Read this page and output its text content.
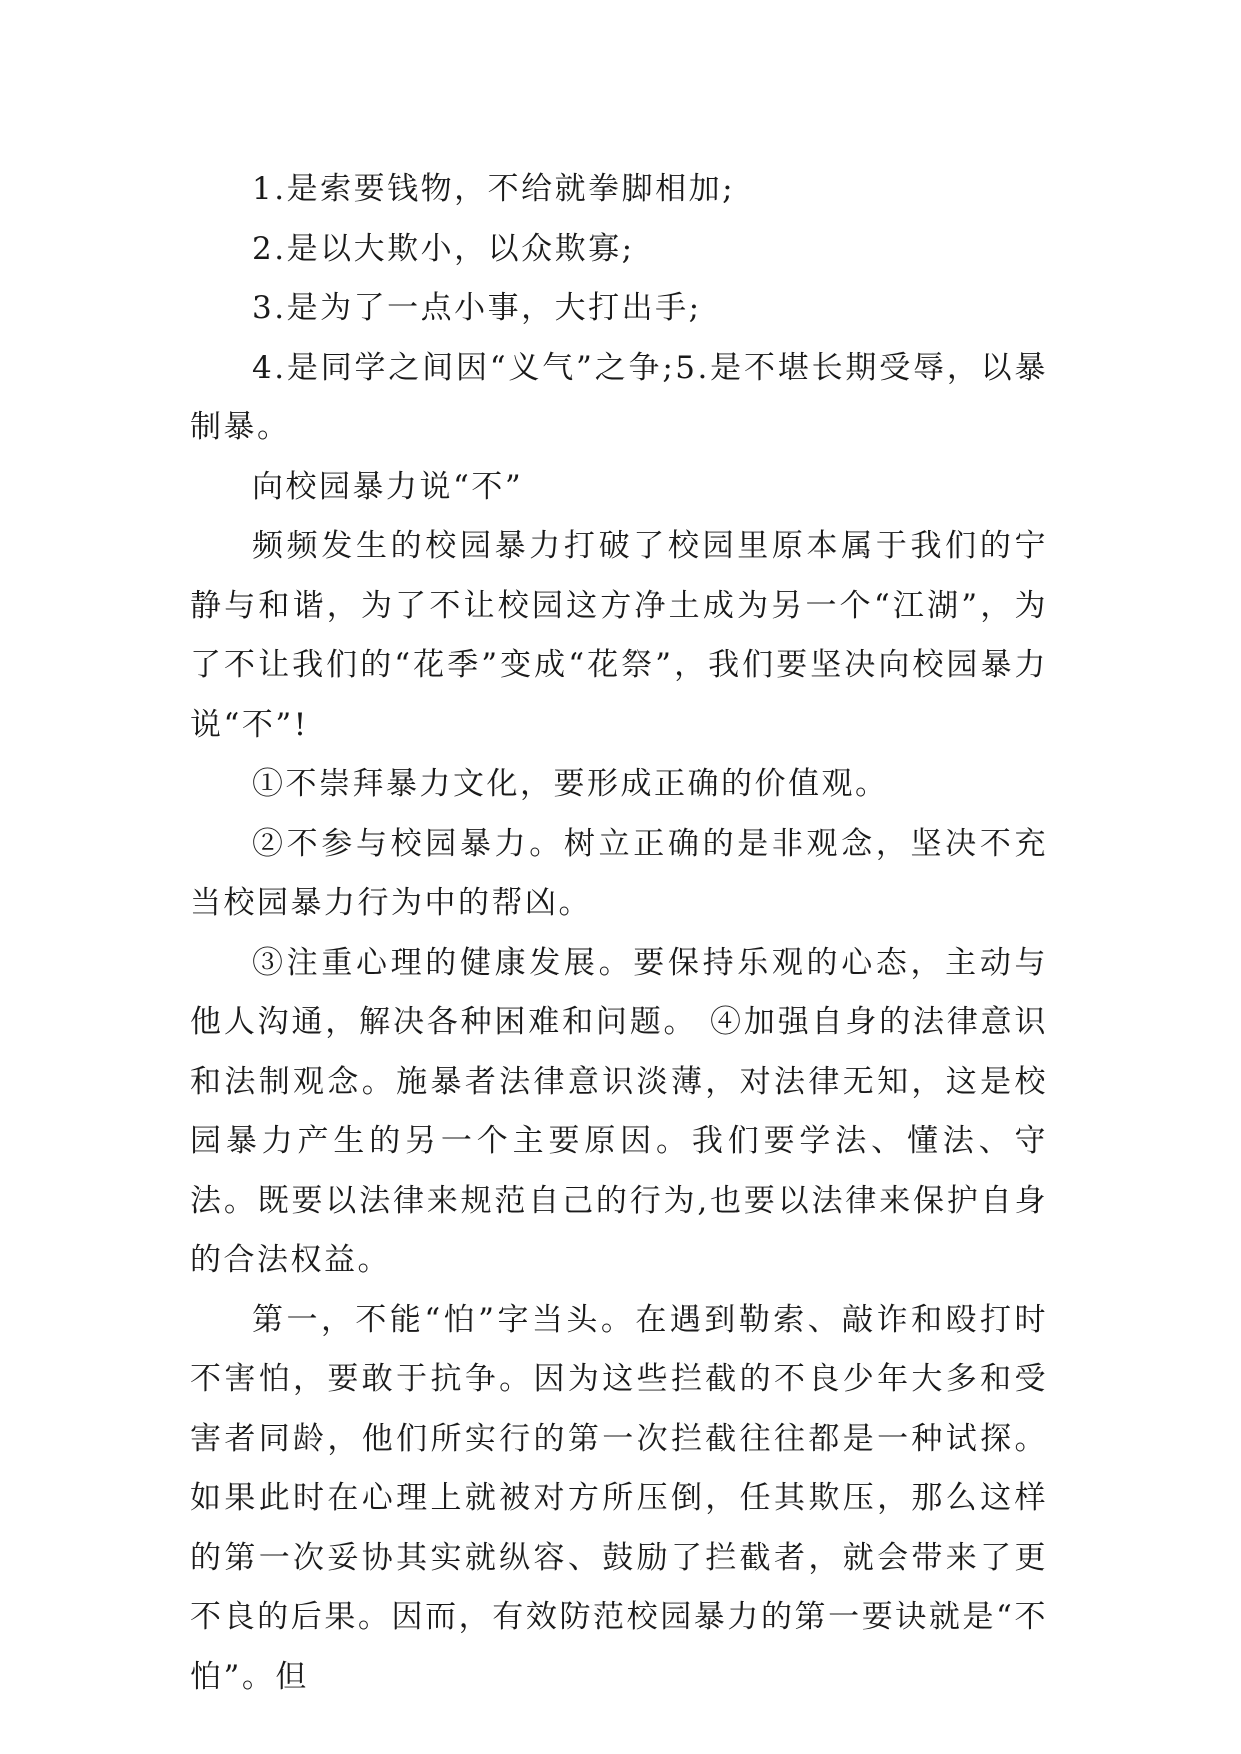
1.是索要钱物，不给就拳脚相加;

2.是以大欺小，以众欺寡;

3.是为了一点小事，大打出手;

4.是同学之间因“义气”之争;5.是不堪长期受辱，以暴制暴。

向校园暴力说“不”

频频发生的校园暴力打破了校园里原本属于我们的宁静与和谐，为了不让校园这方净土成为另一个“江湖”，为了不让我们的“花季”变成“花祭”，我们要坚决向校园暴力说“不”!

①不崇拜暴力文化，要形成正确的价值观。

②不参与校园暴力。树立正确的是非观念，坚决不充当校园暴力行为中的帮凶。

③注重心理的健康发展。要保持乐观的心态，主动与他人沟通，解决各种困难和问题。 ④加强自身的法律意识和法制观念。施暴者法律意识淡薄，对法律无知，这是校园暴力产生的另一个主要原因。我们要学法、懂法、守法。既要以法律来规范自己的行为,也要以法律来保护自身的合法权益。

第一，不能“怕”字当头。在遇到勒索、敲诈和殴打时不害怕，要敢于抗争。因为这些拦截的不良少年大多和受害者同龄，他们所实行的第一次拦截往往都是一种试探。如果此时在心理上就被对方所压倒，任其欺压，那么这样的第一次妥协其实就纵容、鼓励了拦截者，就会带来了更不良的后果。因而，有效防范校园暴力的第一要诀就是“不怕”。但
